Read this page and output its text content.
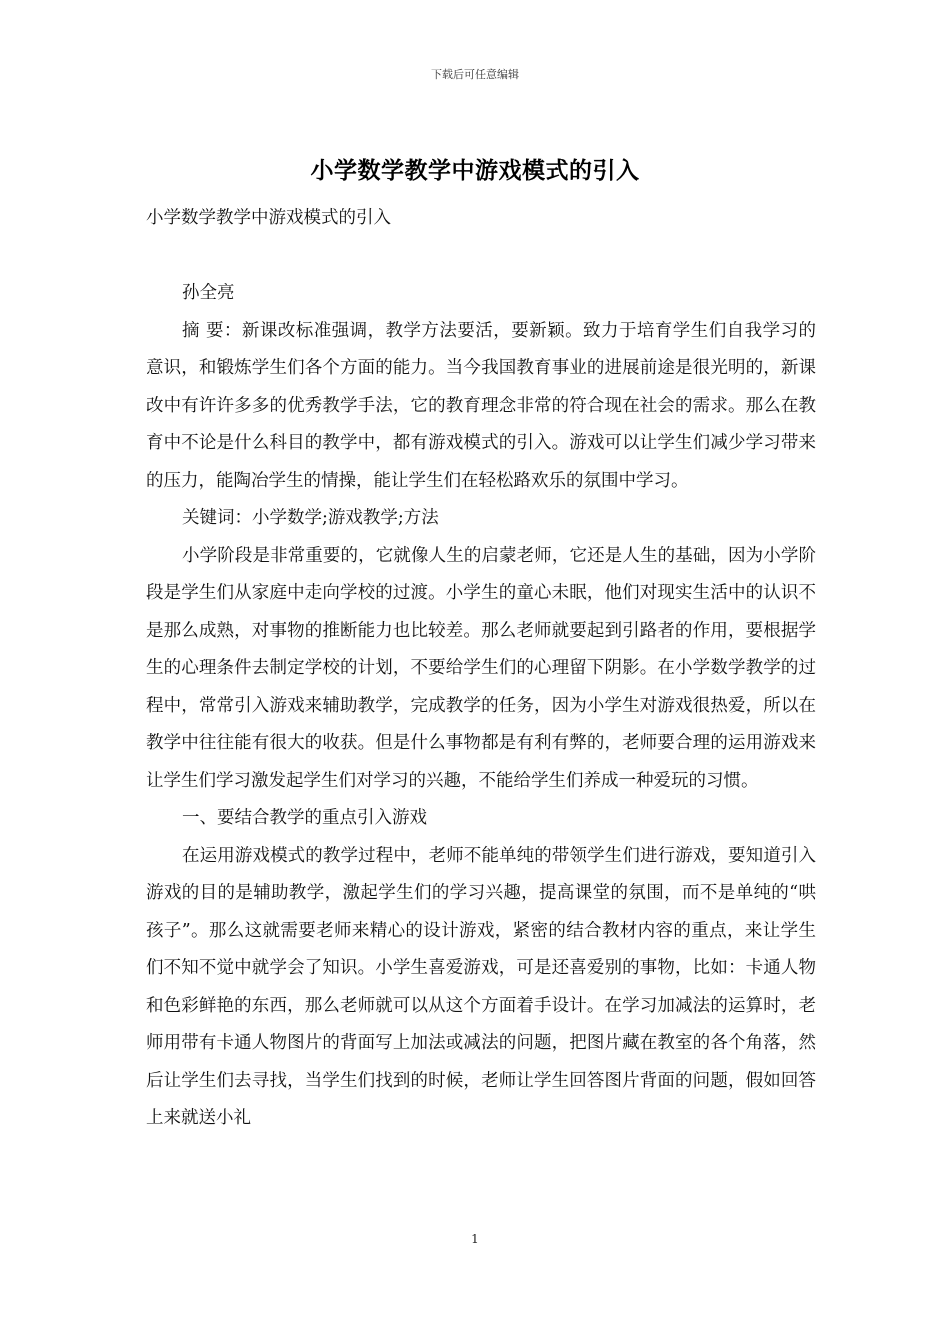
下载后可任意编辑
小学数学教学中游戏模式的引入

小学数学教学中游戏模式的引入

孙全亮

摘 要：新课改标准强调，教学方法要活，要新颖。致力于培育学生们自我学习的意识，和锻炼学生们各个方面的能力。当今我国教育事业的进展前途是很光明的，新课改中有许许多多的优秀教学手法，它的教育理念非常的符合现在社会的需求。那么在教育中不论是什么科目的教学中，都有游戏模式的引入。游戏可以让学生们减少学习带来的压力，能陶冶学生的情操，能让学生们在轻松路欢乐的氛围中学习。

关键词：小学数学;游戏教学;方法

小学阶段是非常重要的，它就像人生的启蒙老师，它还是人生的基础，因为小学阶段是学生们从家庭中走向学校的过渡。小学生的童心未眠，他们对现实生活中的认识不是那么成熟，对事物的推断能力也比较差。那么老师就要起到引路者的作用，要根据学生的心理条件去制定学校的计划，不要给学生们的心理留下阴影。在小学数学教学的过程中，常常引入游戏来辅助教学，完成教学的任务，因为小学生对游戏很热爱，所以在教学中往往能有很大的收获。但是什么事物都是有利有弊的，老师要合理的运用游戏来让学生们学习激发起学生们对学习的兴趣，不能给学生们养成一种爱玩的习惯。

一、要结合教学的重点引入游戏

在运用游戏模式的教学过程中，老师不能单纯的带领学生们进行游戏，要知道引入游戏的目的是辅助教学，激起学生们的学习兴趣，提高课堂的氛围，而不是单纯的“哄孩子”。那么这就需要老师来精心的设计游戏，紧密的结合教材内容的重点，来让学生们不知不觉中就学会了知识。小学生喜爱游戏，可是还喜爱别的事物，比如：卡通人物和色彩鲜艳的东西，那么老师就可以从这个方面着手设计。在学习加减法的运算时，老师用带有卡通人物图片的背面写上加法或减法的问题，把图片藏在教室的各个角落，然后让学生们去寻找，当学生们找到的时候，老师让学生回答图片背面的问题，假如回答上来就送小礼

1
